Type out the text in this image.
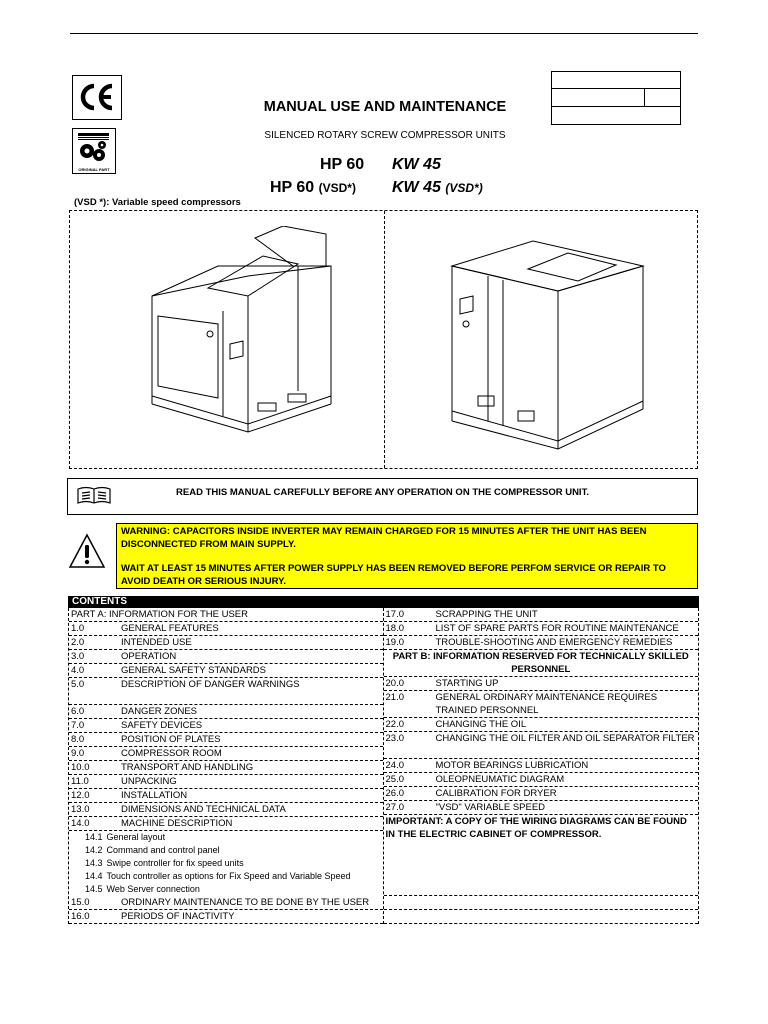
ORIGINAL PART
MANUAL USE AND MAINTENANCE
SILENCED ROTARY SCREW COMPRESSOR UNITS
HP 60 KW 45
HP 60 (VSD*) KW 45 (VSD*)
(VSD *): Variable speed compressors
READ THIS MANUAL CAREFULLY BEFORE ANY OPERATION ON THE COMPRESSOR UNIT.

WARNING: CAPACITORS INSIDE INVERTER MAY REMAIN CHARGED FOR 15 MINUTES AFTER THE UNIT HAS BEEN DISCONNECTED FROM MAIN SUPPLY.

WAIT AT LEAST 15 MINUTES AFTER POWER SUPPLY HAS BEEN REMOVED BEFORE PERFOM SERVICE OR REPAIR TO AVOID DEATH OR SERIOUS INJURY.

CONTENTS
PART A: INFORMATION FOR THE USER
1.0	GENERAL FEATURES
2.0	INTENDED USE
3.0	OPERATION
4.0	GENERAL SAFETY STANDARDS
5.0	DESCRIPTION OF DANGER WARNINGS
6.0	DANGER ZONES
7.0	SAFETY DEVICES
8.0	POSITION OF PLATES
9.0	COMPRESSOR ROOM
10.0	TRANSPORT AND HANDLING
11.0	UNPACKING
12.0	INSTALLATION
13.0	DIMENSIONS AND TECHNICAL DATA
14.0	MACHINE DESCRIPTION
14.1 General layout
14.2 Command and control panel
14.3 Swipe controller for fix speed units
14.4 Touch controller as options for Fix Speed and Variable Speed
14.5 Web Server connection
15.0	ORDINARY MAINTENANCE TO BE DONE BY THE USER
16.0	PERIODS OF INACTIVITY
17.0	SCRAPPING THE UNIT
18.0	LIST OF SPARE PARTS FOR ROUTINE MAINTENANCE
19.0	TROUBLE-SHOOTING AND EMERGENCY REMEDIES
PART B: INFORMATION RESERVED FOR TECHNICALLY SKILLED PERSONNEL
20.0	STARTING UP
21.0	GENERAL ORDINARY MAINTENANCE REQUIRES TRAINED PERSONNEL
22.0	CHANGING THE OIL
23.0	CHANGING THE OIL FILTER AND OIL SEPARATOR FILTER
24.0	MOTOR BEARINGS LUBRICATION
25.0	OLEOPNEUMATIC DIAGRAM
26.0	CALIBRATION FOR DRYER
27.0	"VSD" VARIABLE SPEED
IMPORTANT: A COPY OF THE WIRING DIAGRAMS CAN BE FOUND IN THE ELECTRIC CABINET OF COMPRESSOR.
